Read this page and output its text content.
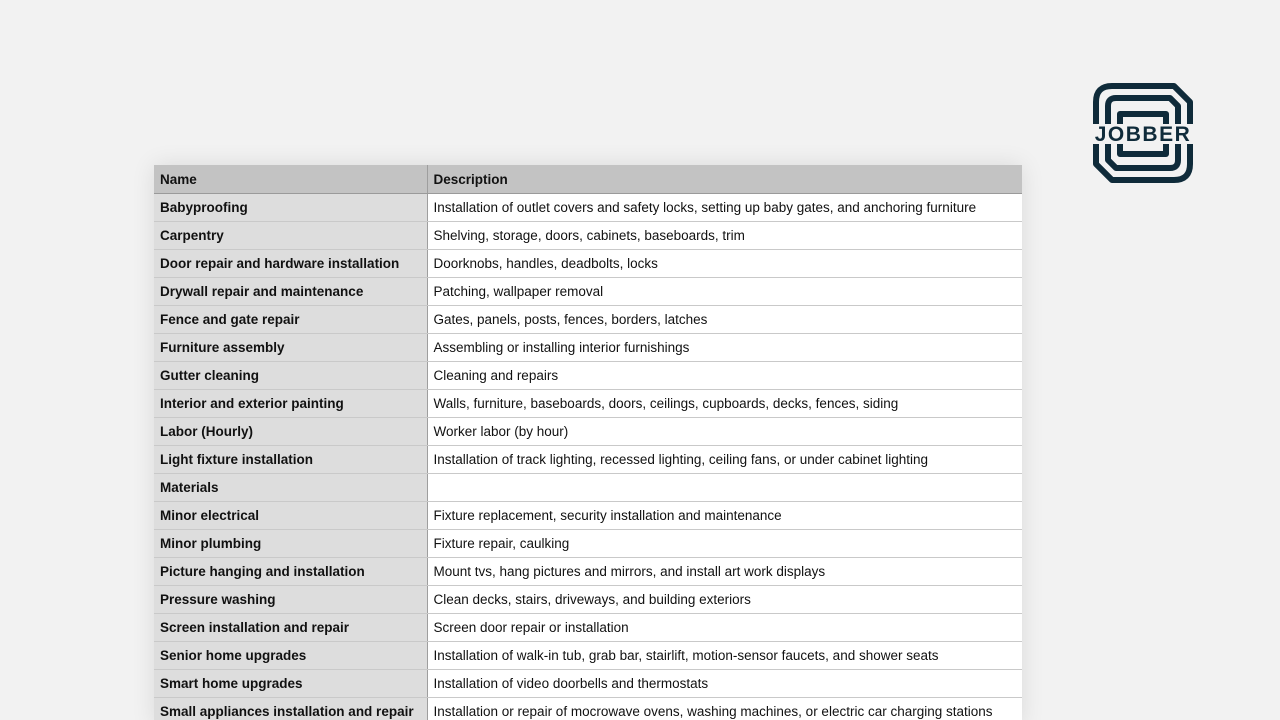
JOBBER
Name	Description
Babyproofing	Installation of outlet covers and safety locks, setting up baby gates, and anchoring furniture
Carpentry	Shelving, storage, doors, cabinets, baseboards, trim
Door repair and hardware installation	Doorknobs, handles, deadbolts, locks
Drywall repair and maintenance	Patching, wallpaper removal
Fence and gate repair	Gates, panels, posts, fences, borders, latches
Furniture assembly	Assembling or installing interior furnishings
Gutter cleaning	Cleaning and repairs
Interior and exterior painting	Walls, furniture, baseboards, doors, ceilings, cupboards, decks, fences, siding
Labor (Hourly)	Worker labor (by hour)
Light fixture installation	Installation of track lighting, recessed lighting, ceiling fans, or under cabinet lighting
Materials	
Minor electrical	Fixture replacement, security installation and maintenance
Minor plumbing	Fixture repair, caulking
Picture hanging and installation	Mount tvs, hang pictures and mirrors, and install art work displays
Pressure washing	Clean decks, stairs, driveways, and building exteriors
Screen installation and repair	Screen door repair or installation
Senior home upgrades	Installation of walk-in tub, grab bar, stairlift, motion-sensor faucets, and shower seats
Smart home upgrades	Installation of video doorbells and thermostats
Small appliances installation and repair	Installation or repair of mocrowave ovens, washing machines, or electric car charging stations
